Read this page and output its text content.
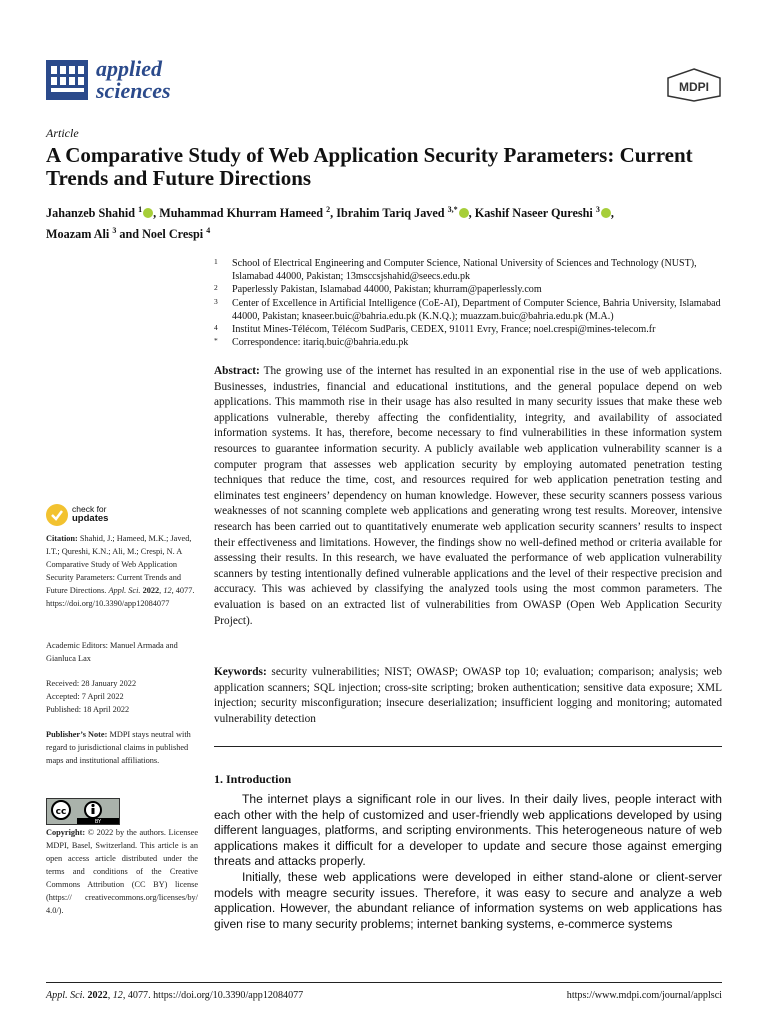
applied
sciences	MDPI
Article
A Comparative Study of Web Application Security Parameters: Current Trends and Future Directions
Jahanzeb Shahid $^1$ , Muhammad Khurram Hameed $^2$, Ibrahim Tariq Javed $^{3,*}$ , Kashif Naseer Qureshi $^3$ ,
Moazam Ali $^3$ and Noel Crespi $^4$
1 School of Electrical Engineering and Computer Science, National University of Sciences and Technology (NUST), Islamabad 44000, Pakistan; 13msccsjshahid@seecs.edu.pk
2 Paperlessly Pakistan, Islamabad 44000, Pakistan; khurram@paperlessly.com
3 Center of Excellence in Artificial Intelligence (CoE-AI), Department of Computer Science, Bahria University, Islamabad 44000, Pakistan; knaseer.buic@bahria.edu.pk (K.N.Q.); muazzam.buic@bahria.edu.pk (M.A.)
4 Institut Mines-Télécom, Télécom SudParis, CEDEX, 91011 Evry, France; noel.crespi@mines-telecom.fr
* Correspondence: itariq.buic@bahria.edu.pk
Abstract: The growing use of the internet has resulted in an exponential rise in the use of web applications. Businesses, industries, financial and educational institutions, and the general populace depend on web applications. This mammoth rise in their usage has also resulted in many security issues that make these web applications vulnerable, thereby affecting the confidentiality, integrity, and availability of associated information systems. It has, therefore, become necessary to find vulnerabilities in these information system resources to guarantee information security. A publicly available web application vulnerability scanner is a computer program that assesses web application security by employing automated penetration testing techniques that reduce the time, cost, and resources required for web application penetration testing and eliminates test engineers’ dependency on human knowledge. However, these security scanners possess various weaknesses of not scanning complete web applications and generating wrong test results. Moreover, intensive research has been carried out to quantitatively enumerate web application security scanners’ results to inspect their effectiveness and limitations. However, the findings show no well-defined method or criteria available for assessing their results. In this research, we have evaluated the performance of web application vulnerability scanners by testing intentionally defined vulnerable applications and the level of their respective precision and accuracy. This was achieved by classifying the analyzed tools using the most common parameters. The evaluation is based on an extracted list of vulnerabilities from OWASP (Open Web Application Security Project).
Keywords: security vulnerabilities; NIST; OWASP; OWASP top 10; evaluation; comparison; analysis; web application scanners; SQL injection; cross-site scripting; broken authentication; sensitive data exposure; XML injection; security misconfiguration; insecure deserialization; insufficient logging and monitoring; automated vulnerability detection
1. Introduction

The internet plays a significant role in our lives. In their daily lives, people interact with each other with the help of customized and user-friendly web applications developed by using different languages, platforms, and scripting environments. This heterogeneous nature of web applications makes it difficult for a developer to update and secure those against emerging threats and attacks properly.

Initially, these web applications were developed in either stand-alone or client-server models with meagre security issues. Therefore, it was easy to secure and analyze a web application. However, the abundant reliance of information systems on web applications has given rise to many security problems; internet banking systems, e-commerce systems

check for
updates
Citation: Shahid, J.; Hameed, M.K.; Javed, I.T.; Qureshi, K.N.; Ali, M.; Crespi, N. A Comparative Study of Web Application Security Parameters: Current Trends and Future Directions. Appl. Sci. 2022, 12, 4077. https://doi.org/10.3390/app12084077
Academic Editors: Manuel Armada and Gianluca Lax
Received: 28 January 2022
Accepted: 7 April 2022
Published: 18 April 2022
Publisher’s Note: MDPI stays neutral with regard to jurisdictional claims in published maps and institutional affiliations.
cc
BY
Copyright: © 2022 by the authors. Licensee MDPI, Basel, Switzerland. This article is an open access article distributed under the terms and conditions of the Creative Commons Attribution (CC BY) license (https:// creativecommons.org/licenses/by/ 4.0/).
Appl. Sci. 2022, 12, 4077. https://doi.org/10.3390/app12084077	https://www.mdpi.com/journal/applsci
